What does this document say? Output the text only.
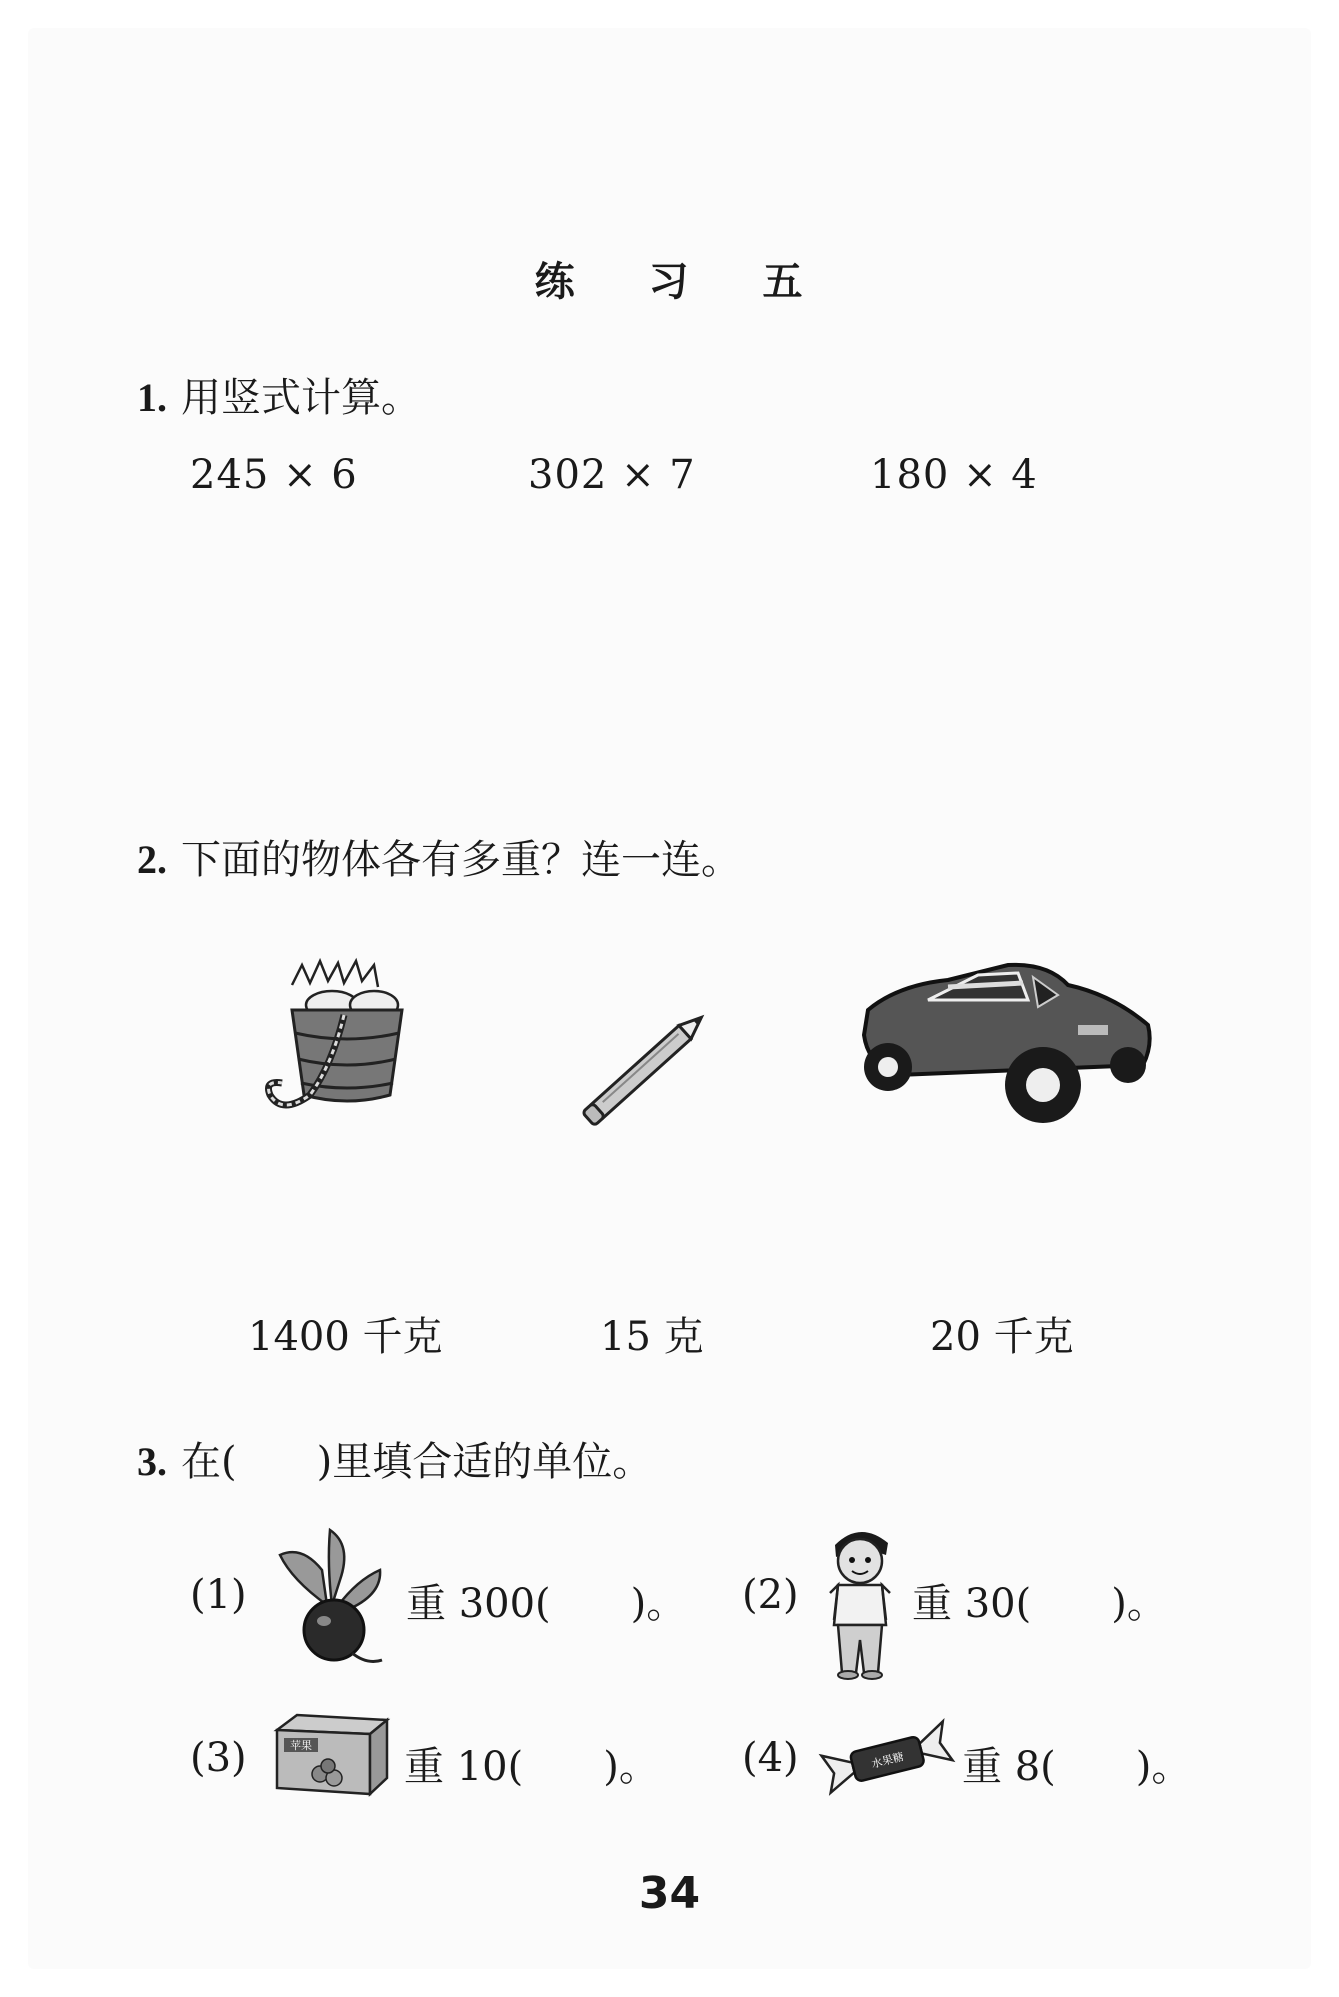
练 习 五
1. 用竖式计算。
245 × 6	302 × 7	180 × 4
2. 下面的物体各有多重？连一连。
1400 千克	15 克	20 千克
3. 在(　　)里填合适的单位。
(1)	重 300(　　)。 (2)	重 30(　　)。
(3)	苹果 重 10(　　)。 (4)	水果糖 重 8(　　)。
34
